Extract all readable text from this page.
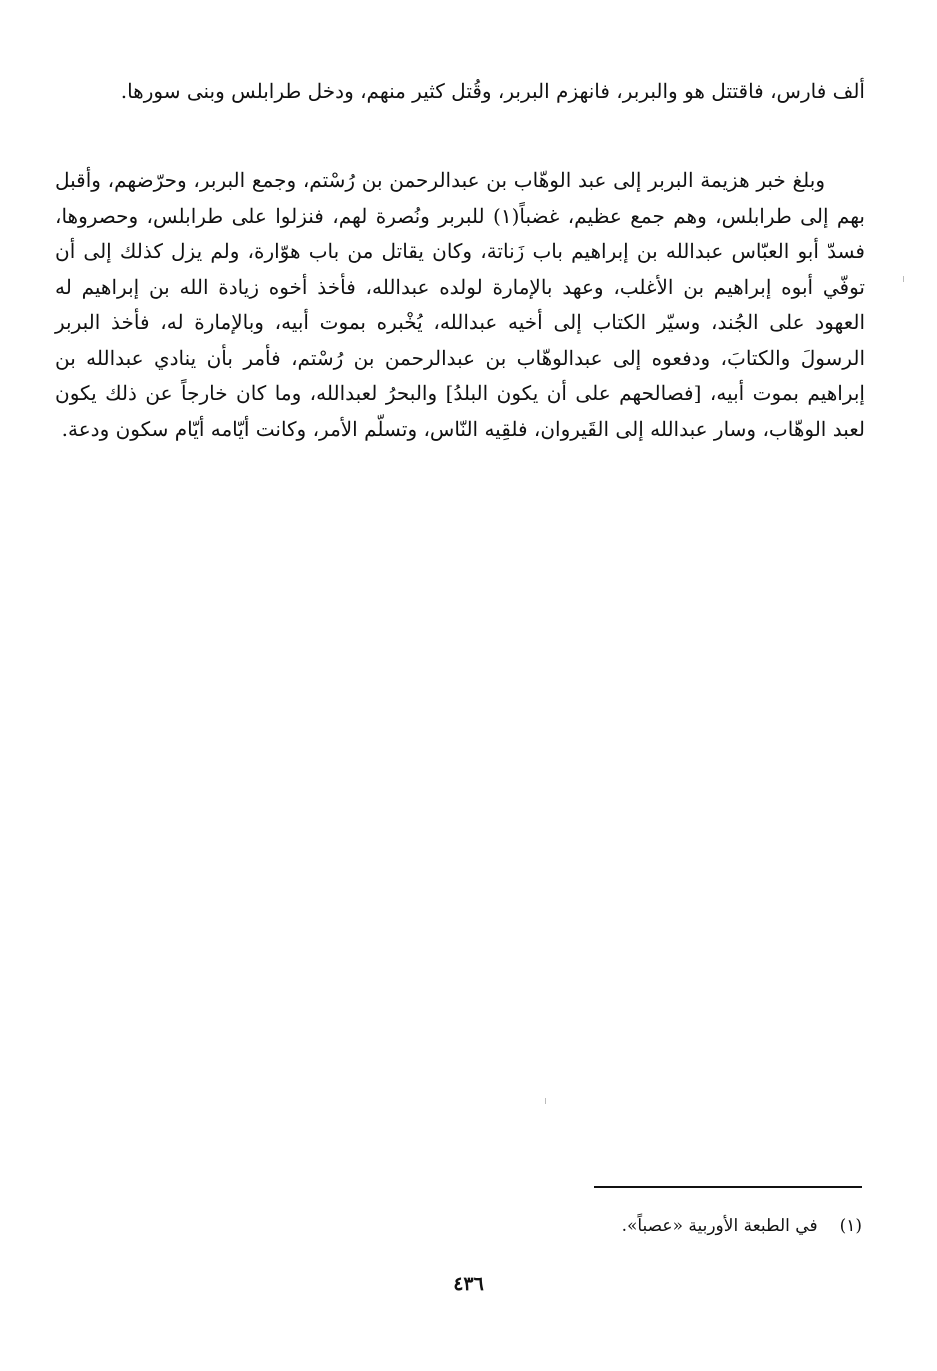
ألف فارس، فاقتتل هو والبربر، فانهزم البربر، وقُتل كثير منهم، ودخل طرابلس وبنى سورها.

وبلغ خبر هزيمة البربر إلى عبد الوهّاب بن عبدالرحمن بن رُسْتم، وجمع البربر، وحرّضهم، وأقبل بهم إلى طرابلس، وهم جمع عظيم، غضباً(١) للبربر ونُصرة لهم، فنزلوا على طرابلس، وحصروها، فسدّ أبو العبّاس عبدالله بن إبراهيم باب زَناتة، وكان يقاتل من باب هوّارة، ولم يزل كذلك إلى أن توفّي أبوه إبراهيم بن الأغلب، وعهد بالإمارة لولده عبدالله، فأخذ أخوه زيادة الله بن إبراهيم له العهود على الجُند، وسيّر الكتاب إلى أخيه عبدالله، يُخْبره بموت أبيه، وبالإمارة له، فأخذ البربر الرسولَ والكتابَ، ودفعوه إلى عبدالوهّاب بن عبدالرحمن بن رُسْتم، فأمر بأن ينادي عبدالله بن إبراهيم بموت أبيه، [فصالحهم على أن يكون البلدُ] والبحرُ لعبدالله، وما كان خارجاً عن ذلك يكون لعبد الوهّاب، وسار عبدالله إلى القَيروان، فلقِيه النّاس، وتسلّم الأمر، وكانت أيّامه أيّام سكون ودعة.

(١)في الطبعة الأوربية «عصباً».

٤٣٦
